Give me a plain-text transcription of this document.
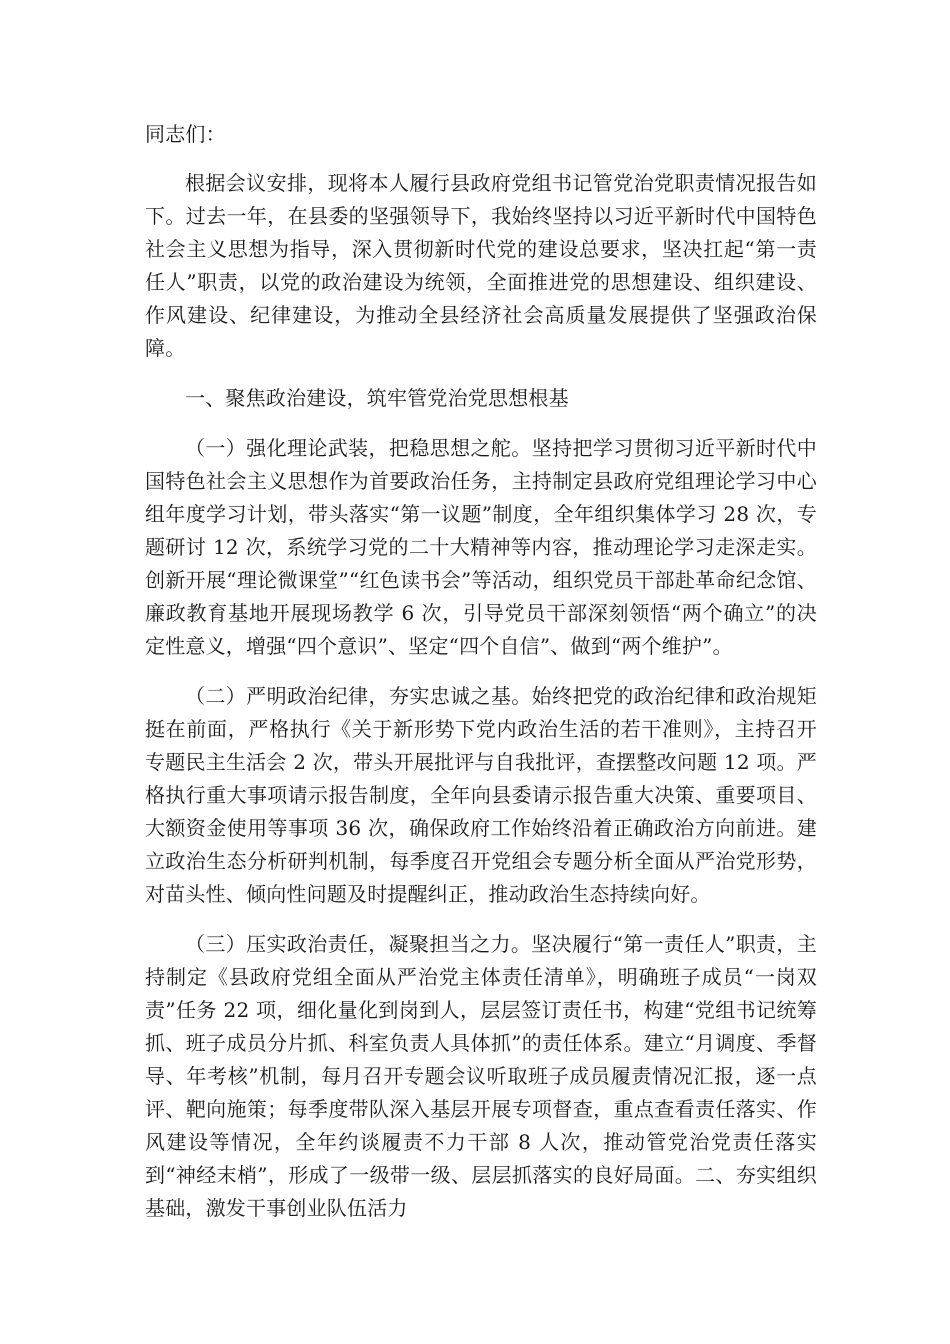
同志们：

根据会议安排，现将本人履行县政府党组书记管党治党职责情况报告如下。过去一年，在县委的坚强领导下，我始终坚持以习近平新时代中国特色社会主义思想为指导，深入贯彻新时代党的建设总要求，坚决扛起“第一责任人”职责，以党的政治建设为统领，全面推进党的思想建设、组织建设、作风建设、纪律建设，为推动全县经济社会高质量发展提供了坚强政治保障。

一、聚焦政治建设，筑牢管党治党思想根基

（一）强化理论武装，把稳思想之舵。坚持把学习贯彻习近平新时代中国特色社会主义思想作为首要政治任务，主持制定县政府党组理论学习中心组年度学习计划，带头落实“第一议题”制度，全年组织集体学习 28 次，专题研讨 12 次，系统学习党的二十大精神等内容，推动理论学习走深走实。创新开展“理论微课堂”“红色读书会”等活动，组织党员干部赴革命纪念馆、廉政教育基地开展现场教学 6 次，引导党员干部深刻领悟“两个确立”的决定性意义，增强“四个意识”、坚定“四个自信”、做到“两个维护”。

（二）严明政治纪律，夯实忠诚之基。始终把党的政治纪律和政治规矩挺在前面，严格执行《关于新形势下党内政治生活的若干准则》，主持召开专题民主生活会 2 次，带头开展批评与自我批评，查摆整改问题 12 项。严格执行重大事项请示报告制度，全年向县委请示报告重大决策、重要项目、大额资金使用等事项 36 次，确保政府工作始终沿着正确政治方向前进。建立政治生态分析研判机制，每季度召开党组会专题分析全面从严治党形势，对苗头性、倾向性问题及时提醒纠正，推动政治生态持续向好。

（三）压实政治责任，凝聚担当之力。坚决履行“第一责任人”职责，主持制定《县政府党组全面从严治党主体责任清单》，明确班子成员“一岗双责”任务 22 项，细化量化到岗到人，层层签订责任书，构建“党组书记统筹抓、班子成员分片抓、科室负责人具体抓”的责任体系。建立“月调度、季督导、年考核”机制，每月召开专题会议听取班子成员履责情况汇报，逐一点评、靶向施策；每季度带队深入基层开展专项督查，重点查看责任落实、作风建设等情况，全年约谈履责不力干部 8 人次，推动管党治党责任落实到“神经末梢”，形成了一级带一级、层层抓落实的良好局面。二、夯实组织基础，激发干事创业队伍活力
